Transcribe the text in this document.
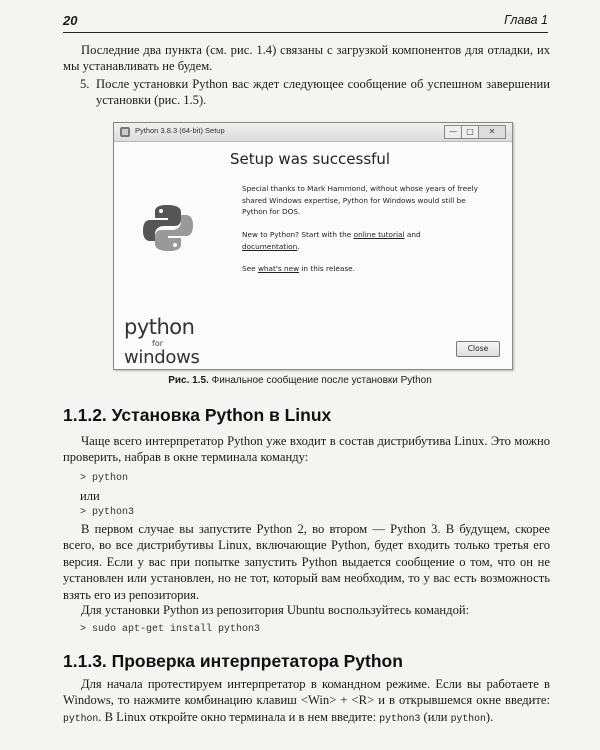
20	Глава 1
Последние два пункта (см. рис. 1.4) связаны с загрузкой компонентов для отладки, их мы устанавливать не будем.
5. После установки Python вас ждет следующее сообщение об успешном завершении установки (рис. 1.5).
Python 3.8.3 (64-bit) Setup	—	□	✕
python
for
windows
Setup was successful
Special thanks to Mark Hammond, without whose years of freely shared Windows expertise, Python for Windows would still be Python for DOS.
New to Python? Start with the online tutorial and
documentation.
See what's new in this release.
Close
Рис. 1.5. Финальное сообщение после установки Python
1.1.2. Установка Python в Linux
Чаще всего интерпретатор Python уже входит в состав дистрибутива Linux. Это можно проверить, набрав в окне терминала команду:
> python
или
> python3
В первом случае вы запустите Python 2, во втором — Python 3. В будущем, скорее всего, во все дистрибутивы Linux, включающие Python, будет входить только третья его версия. Если у вас при попытке запустить Python выдается сообщение о том, что он не установлен или установлен, но не тот, который вам необходим, то у вас есть возможность взять его из репозитория.
Для установки Python из репозитория Ubuntu воспользуйтесь командой:
> sudo apt-get install python3
1.1.3. Проверка интерпретатора Python
Для начала протестируем интерпретатор в командном режиме. Если вы работаете в Windows, то нажмите комбинацию клавиш <Win> + <R> и в открывшемся окне введите: python. В Linux откройте окно терминала и в нем введите: python3 (или python).
